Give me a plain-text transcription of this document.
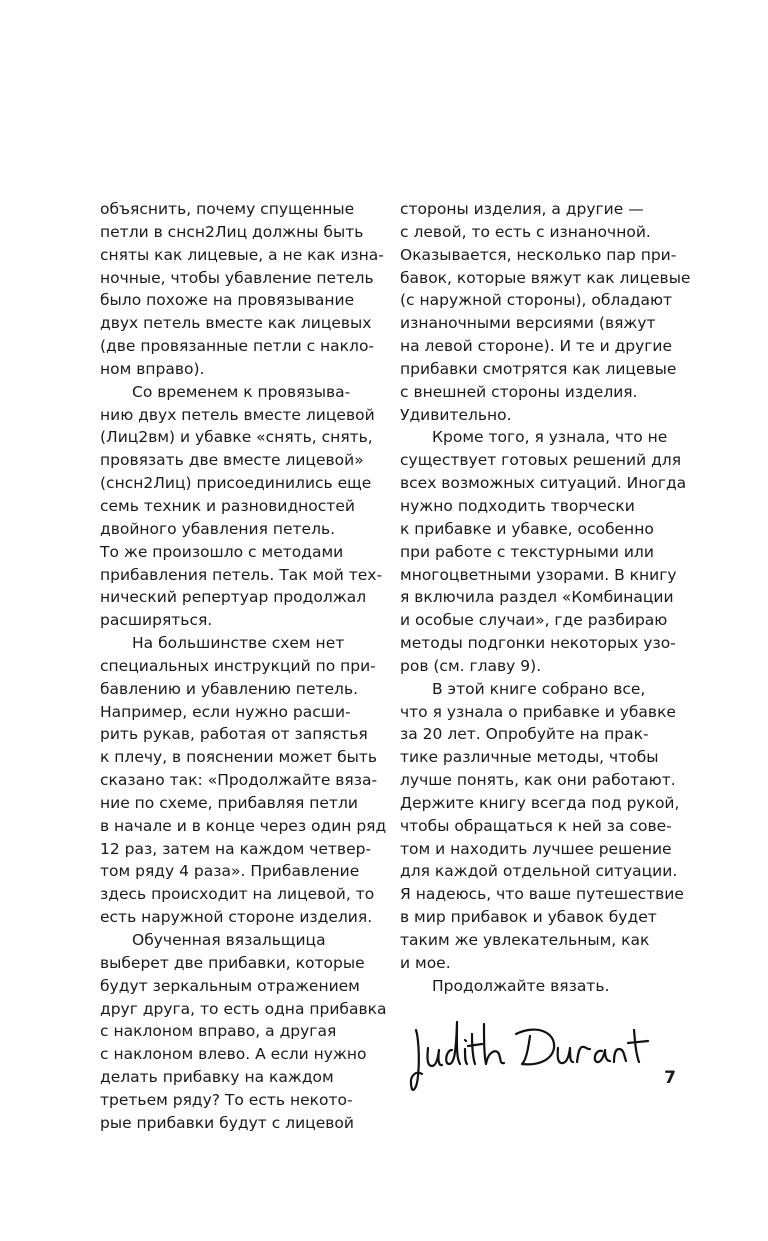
объяснить, почему спущенные
петли в снсн2Лиц должны быть
сняты как лицевые, а не как изна-
ночные, чтобы убавление петель
было похоже на провязывание
двух петель вместе как лицевых
(две провязанные петли с накло-
ном вправо).
Со временем к провязыва-
нию двух петель вместе лицевой
(Лиц2вм) и убавке «снять, снять,
провязать две вместе лицевой»
(снсн2Лиц) присоединились еще
семь техник и разновидностей
двойного убавления петель.
То же произошло с методами
прибавления петель. Так мой тех-
нический репертуар продолжал
расширяться.
На большинстве схем нет
специальных инструкций по при-
бавлению и убавлению петель.
Например, если нужно расши-
рить рукав, работая от запястья
к плечу, в пояснении может быть
сказано так: «Продолжайте вяза-
ние по схеме, прибавляя петли
в начале и в конце через один ряд
12 раз, затем на каждом четвер-
том ряду 4 раза». Прибавление
здесь происходит на лицевой, то
есть наружной стороне изделия.
Обученная вязальщица
выберет две прибавки, которые
будут зеркальным отражением
друг друга, то есть одна прибавка
с наклоном вправо, а другая
с наклоном влево. А если нужно
делать прибавку на каждом
третьем ряду? То есть некото-
рые прибавки будут с лицевой
стороны изделия, а другие —
с левой, то есть с изнаночной.
Оказывается, несколько пар при-
бавок, которые вяжут как лицевые
(с наружной стороны), обладают
изнаночными версиями (вяжут
на левой стороне). И те и другие
прибавки смотрятся как лицевые
с внешней стороны изделия.
Удивительно.
Кроме того, я узнала, что не
существует готовых решений для
всех возможных ситуаций. Иногда
нужно подходить творчески
к прибавке и убавке, особенно
при работе с текстурными или
многоцветными узорами. В книгу
я включила раздел «Комбинации
и особые случаи», где разбираю
методы подгонки некоторых узо-
ров (см. главу 9).
В этой книге собрано все,
что я узнала о прибавке и убавке
за 20 лет. Опробуйте на прак-
тике различные методы, чтобы
лучше понять, как они работают.
Держите книгу всегда под рукой,
чтобы обращаться к ней за сове-
том и находить лучшее решение
для каждой отдельной ситуации.
Я надеюсь, что ваше путешествие
в мир прибавок и убавок будет
таким же увлекательным, как
и мое.
Продолжайте вязать.
7
